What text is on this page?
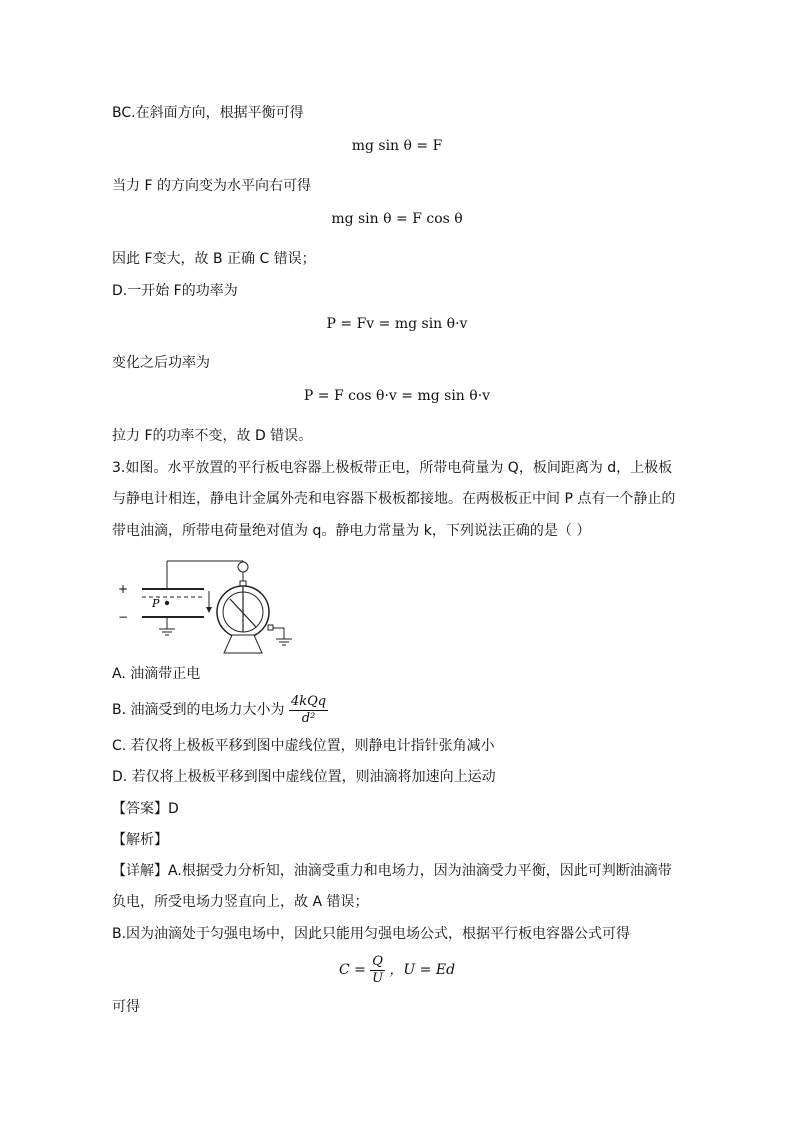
BC.在斜面方向，根据平衡可得
mg sin θ = F
当力 F 的方向变为水平向右可得
mg sin θ = F cos θ
因此 F变大，故 B 正确 C 错误；
D.一开始 F的功率为
P = Fv = mg sin θ·v
变化之后功率为
P = F cos θ·v = mg sin θ·v
拉力 F的功率不变，故 D 错误。
3.如图。水平放置的平行板电容器上极板带正电，所带电荷量为 Q，板间距离为 d，上极板
与静电计相连，静电计金属外壳和电容器下极板都接地。在两极板正中间 P 点有一个静止的
带电油滴，所带电荷量绝对值为 q。静电力常量为 k，下列说法正确的是（ ）
P
+
−
A. 油滴带正电
B. 油滴受到的电场力大小为 $\frac{\text{4kQq}}{\text{d²}}$
C. 若仅将上极板平移到图中虚线位置，则静电计指针张角减小
D. 若仅将上极板平移到图中虚线位置，则油滴将加速向上运动
【答案】D
【解析】
【详解】A.根据受力分析知，油滴受重力和电场力，因为油滴受力平衡，因此可判断油滴带
负电，所受电场力竖直向上，故 A 错误；
B.因为油滴处于匀强电场中，因此只能用匀强电场公式，根据平行板电容器公式可得
$C = \frac{Q}{U}$ ，U = Ed
可得
